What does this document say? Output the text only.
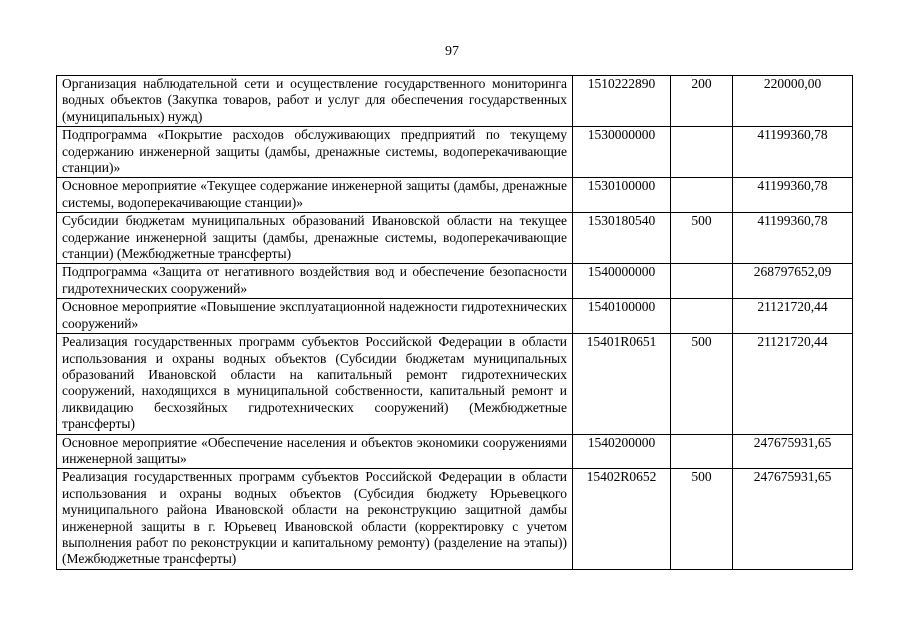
97
Организация наблюдательной сети и осуществление государственного мониторинга водных объектов (Закупка товаров, работ и услуг для обеспечения государственных (муниципальных) нужд)	1510222890	200	220000,00
Подпрограмма «Покрытие расходов обслуживающих предприятий по текущему содержанию инженерной защиты (дамбы, дренажные системы, водоперекачивающие станции)»	1530000000		41199360,78
Основное мероприятие «Текущее содержание инженерной защиты (дамбы, дренажные системы, водоперекачивающие станции)»	1530100000		41199360,78
Субсидии бюджетам муниципальных образований Ивановской области на текущее содержание инженерной защиты (дамбы, дренажные системы, водоперекачивающие станции) (Межбюджетные трансферты)	1530180540	500	41199360,78
Подпрограмма «Защита от негативного воздействия вод и обеспечение безопасности гидротехнических сооружений»	1540000000		268797652,09
Основное мероприятие «Повышение эксплуатационной надежности гидротехнических сооружений»	1540100000		21121720,44
Реализация государственных программ субъектов Российской Федерации в области использования и охраны водных объектов (Субсидии бюджетам муниципальных образований Ивановской области на капитальный ремонт гидротехнических сооружений, находящихся в муниципальной собственности, капитальный ремонт и ликвидацию бесхозяйных гидротехнических сооружений) (Межбюджетные трансферты)	15401R0651	500	21121720,44
Основное мероприятие «Обеспечение населения и объектов экономики сооружениями инженерной защиты»	1540200000		247675931,65
Реализация государственных программ субъектов Российской Федерации в области использования и охраны водных объектов (Субсидия бюджету Юрьевецкого муниципального района Ивановской области на реконструкцию защитной дамбы инженерной защиты в г. Юрьевец Ивановской области (корректировку с учетом выполнения работ по реконструкции и капитальному ремонту) (разделение на этапы)) (Межбюджетные трансферты)	15402R0652	500	247675931,65
